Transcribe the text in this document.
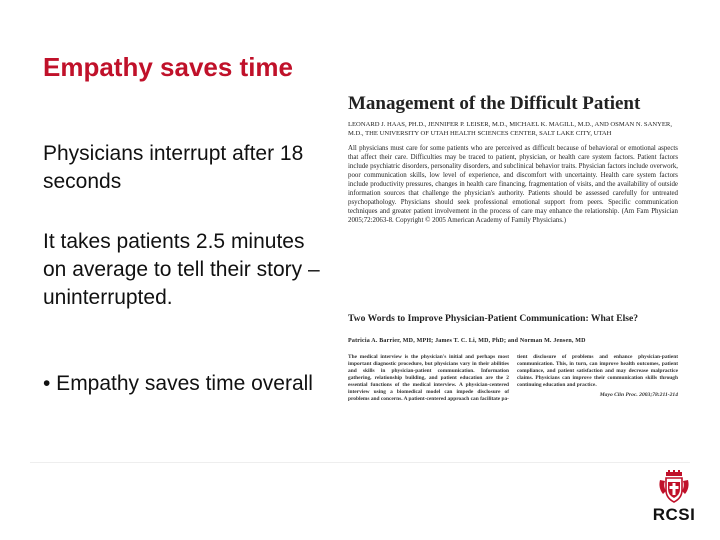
Empathy saves time
Physicians interrupt after 18 seconds
It takes patients 2.5 minutes on average to tell their story – uninterrupted.
• Empathy saves time overall
Management of the Difficult Patient
LEONARD J. HAAS, PH.D., JENNIFER P. LEISER, M.D., MICHAEL K. MAGILL, M.D., AND OSMAN N. SANYER, M.D., THE UNIVERSITY OF UTAH HEALTH SCIENCES CENTER, SALT LAKE CITY, UTAH
All physicians must care for some patients who are perceived as difficult because of behavioral or emotional aspects that affect their care. Difficulties may be traced to patient, physician, or health care system factors. Patient factors include psychiatric disorders, personality disorders, and subclinical behavior traits. Physician factors include overwork, poor communication skills, low level of experience, and discomfort with uncertainty. Health care system factors include productivity pressures, changes in health care financing, fragmentation of visits, and the availability of outside information sources that challenge the physician's authority. Patients should be assessed carefully for untreated psychopathology. Physicians should seek professional emotional support from peers. Specific communication techniques and greater patient involvement in the process of care may enhance the relationship. (Am Fam Physician 2005;72:2063-8. Copyright © 2005 American Academy of Family Physicians.)
Two Words to Improve Physician-Patient Communication: What Else?
Patricia A. Barrier, MD, MPH; James T. C. Li, MD, PhD; and Norman M. Jensen, MD
The medical interview is the physician's initial and perhaps most important diagnostic procedure, but physicians vary in their abilities and skills in physician-patient communication. Information gathering, relationship building, and patient education are the 2 essential functions of the medical interview. A physician-centered interview using a biomedical model can impede disclosure of problems and concerns. A patient-centered approach can facilitate pa-
tient disclosure of problems and enhance physician-patient communication. This, in turn, can improve health outcomes, patient compliance, and patient satisfaction and may decrease malpractice claims. Physicians can improve their communication skills through continuing education and practice.
Mayo Clin Proc. 2003;78:211-214
RCSI
